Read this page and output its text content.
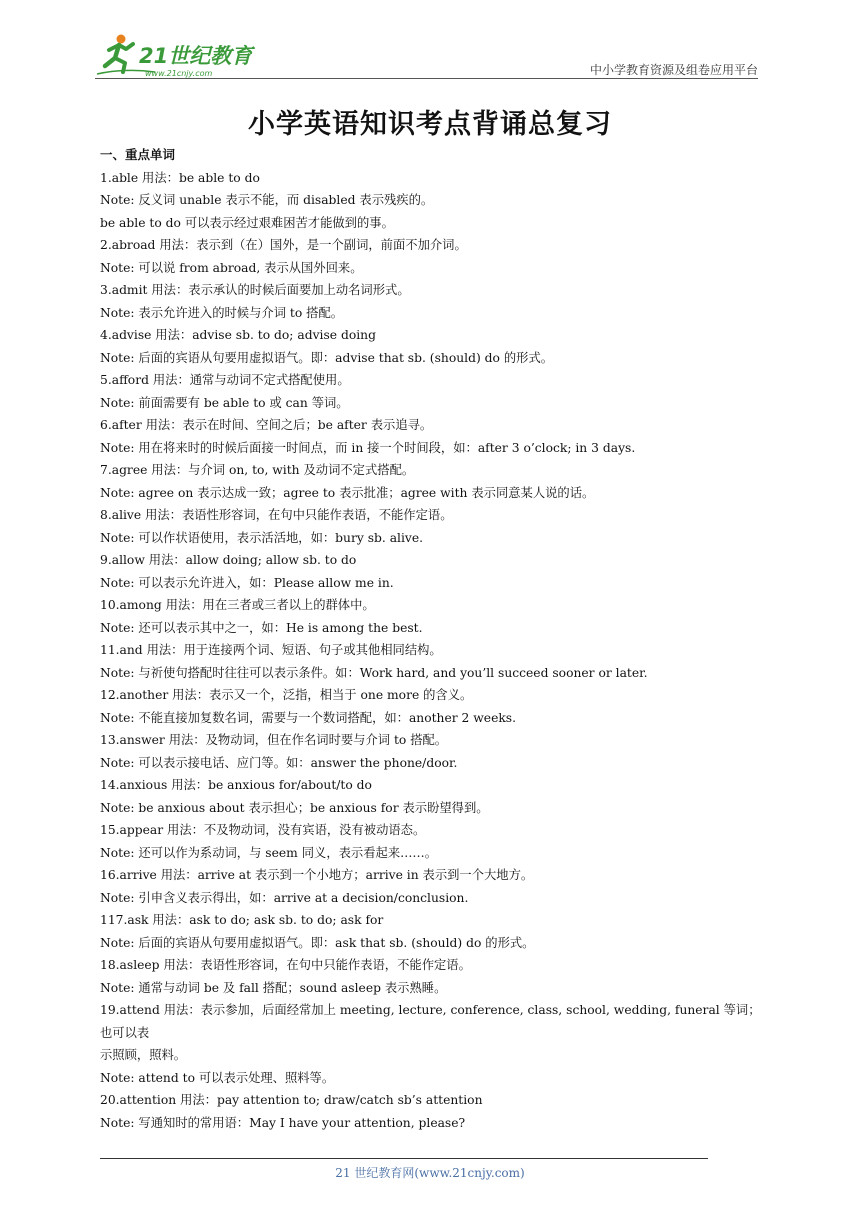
21世纪教育
www.21cnjy.com	中小学教育资源及组卷应用平台
小学英语知识考点背诵总复习
一、重点单词
1.able 用法：be able to do
Note: 反义词 unable 表示不能，而 disabled 表示残疾的。
be able to do 可以表示经过艰难困苦才能做到的事。
2.abroad 用法：表示到（在）国外，是一个副词，前面不加介词。
Note: 可以说 from abroad, 表示从国外回来。
3.admit 用法：表示承认的时候后面要加上动名词形式。
Note: 表示允许进入的时候与介词 to 搭配。
4.advise 用法：advise sb. to do; advise doing
Note: 后面的宾语从句要用虚拟语气。即：advise that sb. (should) do 的形式。
5.afford 用法：通常与动词不定式搭配使用。
Note: 前面需要有 be able to 或 can 等词。
6.after 用法：表示在时间、空间之后；be after 表示追寻。
Note: 用在将来时的时候后面接一时间点，而 in 接一个时间段，如：after 3 o’clock; in 3 days.
7.agree 用法：与介词 on, to, with 及动词不定式搭配。
Note: agree on 表示达成一致；agree to 表示批准；agree with 表示同意某人说的话。
8.alive 用法：表语性形容词，在句中只能作表语，不能作定语。
Note: 可以作状语使用，表示活活地，如：bury sb. alive.
9.allow 用法：allow doing; allow sb. to do
Note: 可以表示允许进入，如：Please allow me in.
10.among 用法：用在三者或三者以上的群体中。
Note: 还可以表示其中之一，如：He is among the best.
11.and 用法：用于连接两个词、短语、句子或其他相同结构。
Note: 与祈使句搭配时往往可以表示条件。如：Work hard, and you’ll succeed sooner or later.
12.another 用法：表示又一个，泛指，相当于 one more 的含义。
Note: 不能直接加复数名词，需要与一个数词搭配，如：another 2 weeks.
13.answer 用法：及物动词，但在作名词时要与介词 to 搭配。
Note: 可以表示接电话、应门等。如：answer the phone/door.
14.anxious 用法：be anxious for/about/to do
Note: be anxious about 表示担心；be anxious for 表示盼望得到。
15.appear 用法：不及物动词，没有宾语，没有被动语态。
Note: 还可以作为系动词，与 seem 同义，表示看起来……。
16.arrive 用法：arrive at 表示到一个小地方；arrive in 表示到一个大地方。
Note: 引申含义表示得出，如：arrive at a decision/conclusion.
117.ask 用法：ask to do; ask sb. to do; ask for
Note: 后面的宾语从句要用虚拟语气。即：ask that sb. (should) do 的形式。
18.asleep 用法：表语性形容词，在句中只能作表语，不能作定语。
Note: 通常与动词 be 及 fall 搭配；sound asleep 表示熟睡。
19.attend 用法：表示参加，后面经常加上 meeting, lecture, conference, class, school, wedding, funeral 等词；
也可以表
示照顾，照料。
Note: attend to 可以表示处理、照料等。
20.attention 用法：pay attention to; draw/catch sb’s attention
Note: 写通知时的常用语：May I have your attention, please?
21 世纪教育网(www.21cnjy.com)
